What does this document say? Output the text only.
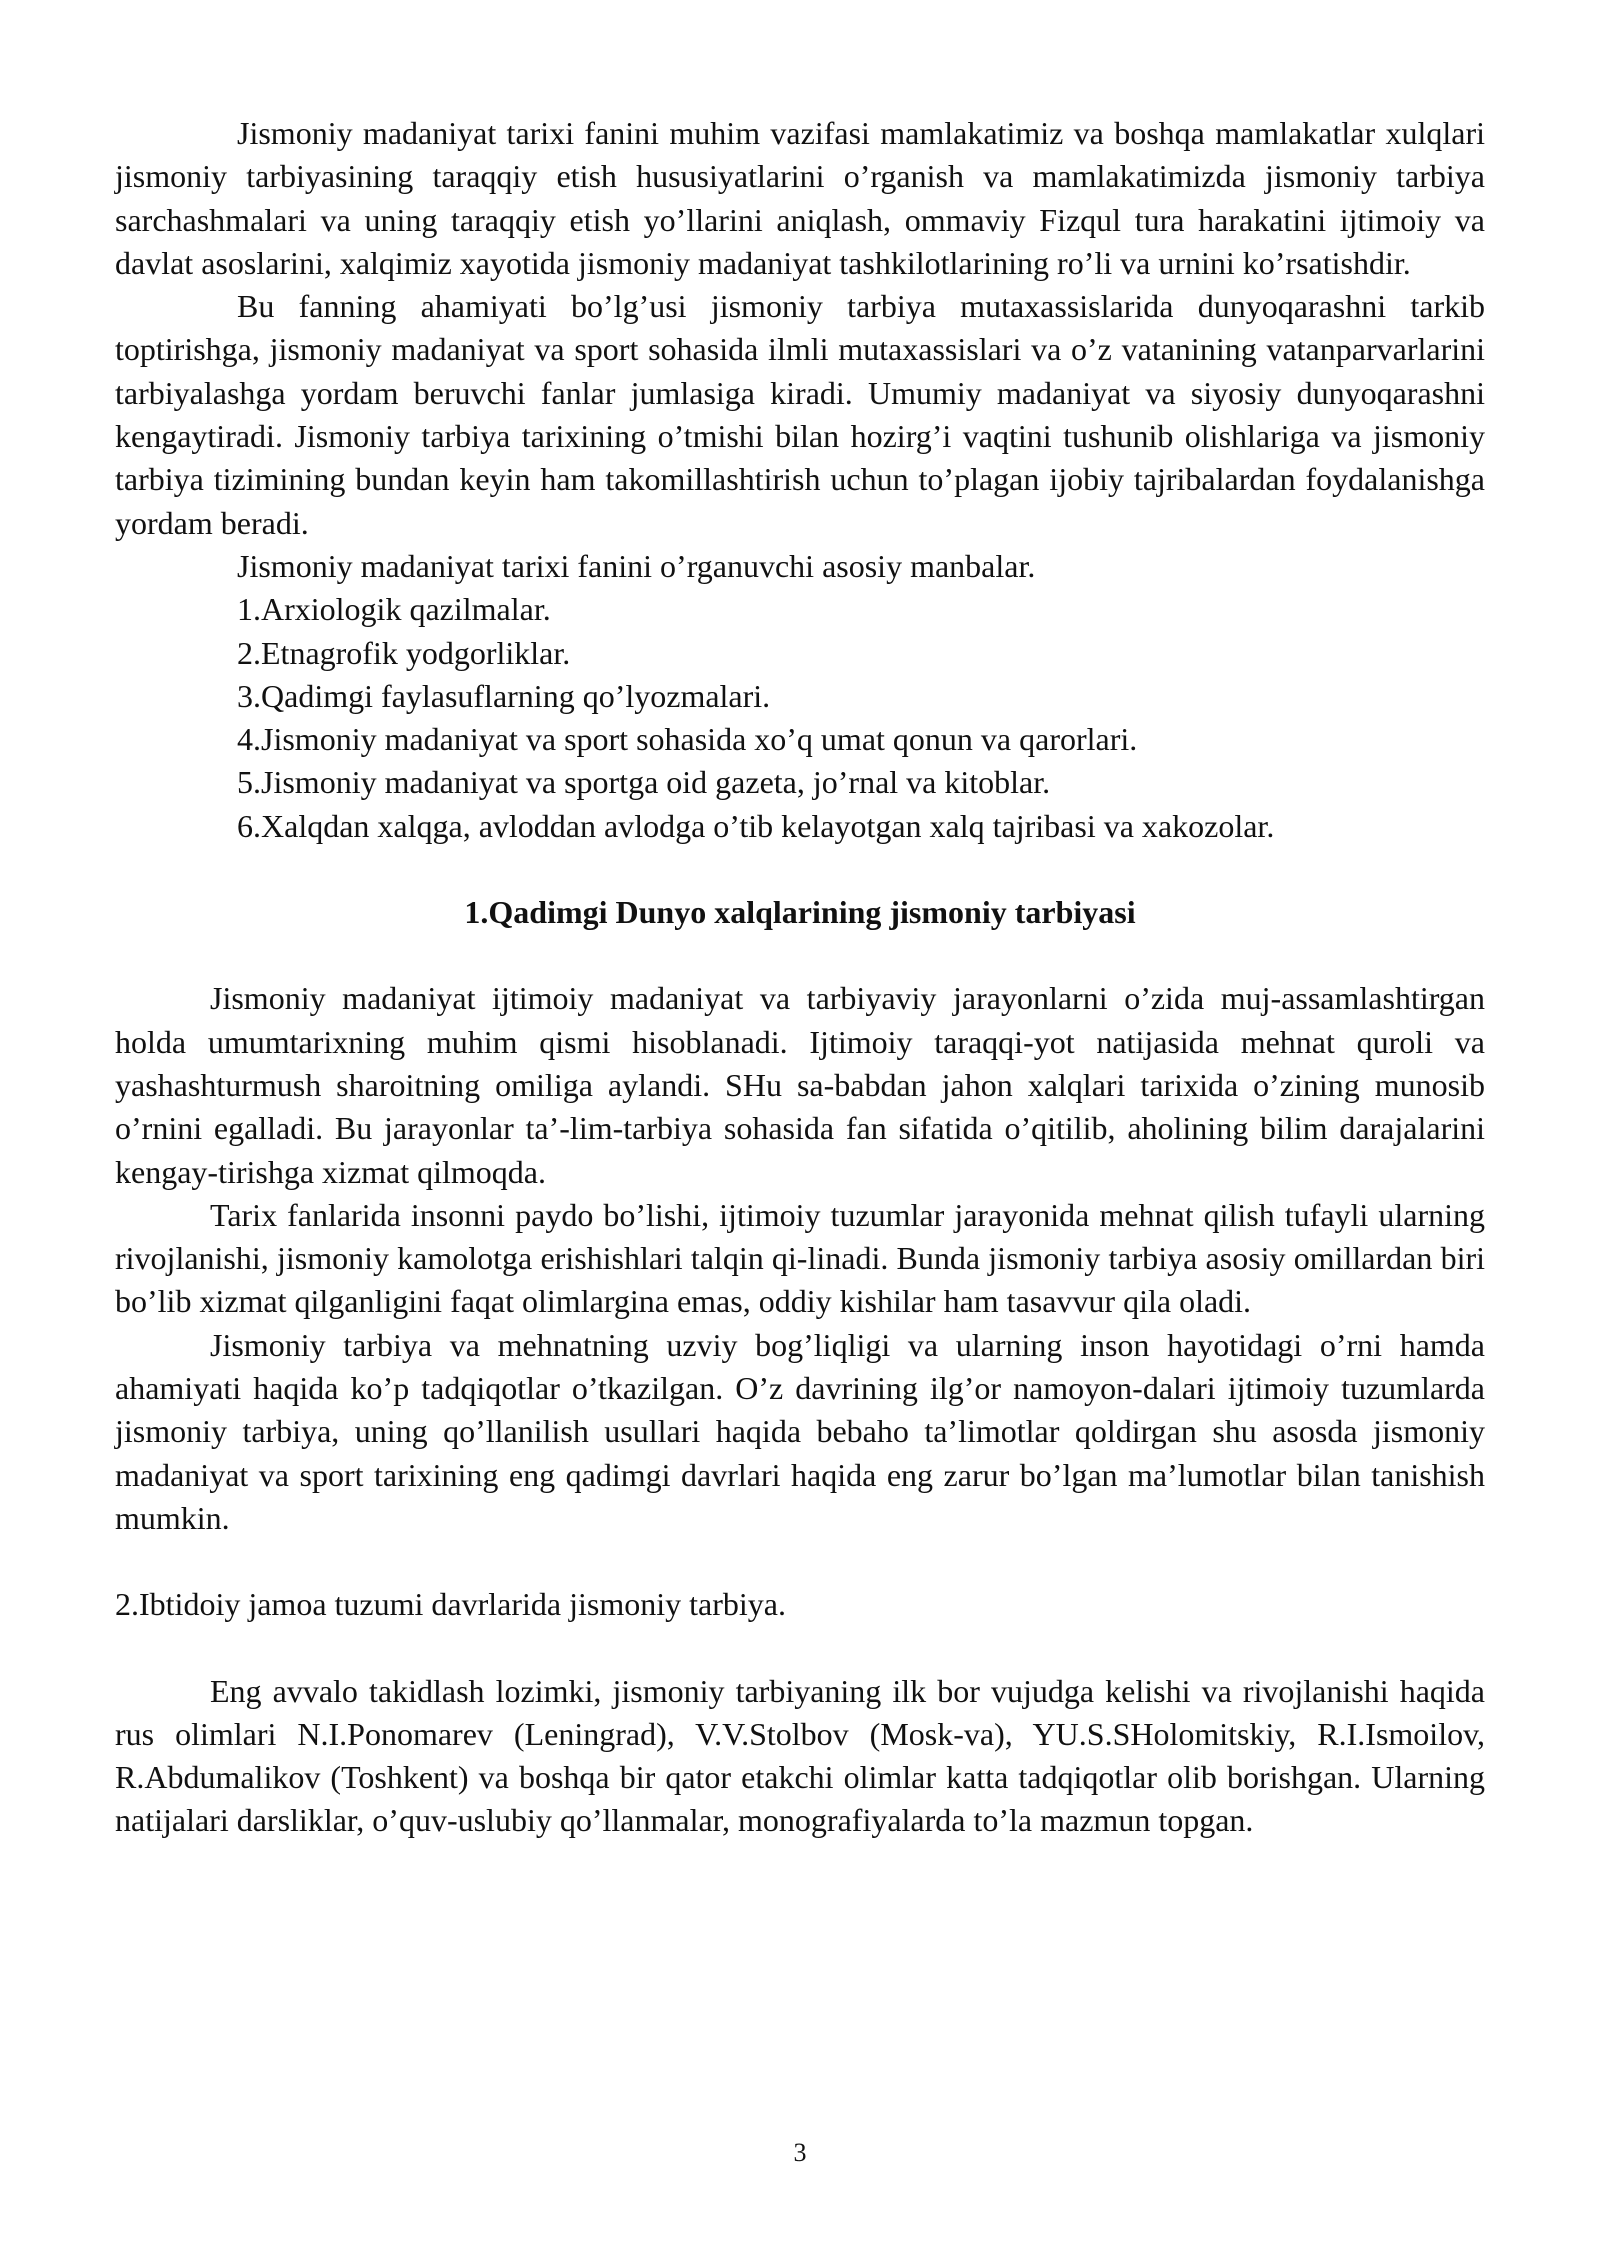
Jismoniy madaniyat tarixi fanini muhim vazifasi mamlakatimiz va boshqa mamlakatlar xulqlari jismoniy tarbiyasining taraqqiy etish hususiyatlarini o’rganish va mamlakatimizda jismoniy tarbiya sarchashmalari va uning taraqqiy etish yo’llarini aniqlash, ommaviy Fizqul tura harakatini ijtimoiy va davlat asoslarini, xalqimiz xayotida jismoniy madaniyat tashkilotlarining ro’li va urnini ko’rsatishdir.

Bu fanning ahamiyati bo’lg’usi jismoniy tarbiya mutaxassislarida dunyoqarashni tarkib toptirishga, jismoniy madaniyat va sport sohasida ilmli mutaxassislari va o’z vatanining vatanparvarlarini tarbiyalashga yordam beruvchi fanlar jumlasiga kiradi. Umumiy madaniyat va siyosiy dunyoqarashni kengaytiradi. Jismoniy tarbiya tarixining o’tmishi bilan hozirg’i vaqtini tushunib olishlariga va jismoniy tarbiya tizimining bundan keyin ham takomillashtirish uchun to’plagan ijobiy tajribalardan foydalanishga yordam beradi.

Jismoniy madaniyat tarixi fanini o’rganuvchi asosiy manbalar.

1.Arxiologik qazilmalar.

2.Etnagrofik yodgorliklar.

3.Qadimgi faylasuflarning qo’lyozmalari.

4.Jismoniy madaniyat va sport sohasida xo’q umat qonun va qarorlari.

5.Jismoniy madaniyat va sportga oid gazeta, jo’rnal va kitoblar.

6.Xalqdan xalqga, avloddan avlodga o’tib kelayotgan xalq tajribasi va xakozolar.

1.Qadimgi Dunyo xalqlarining jismoniy tarbiyasi

Jismoniy madaniyat ijtimoiy madaniyat va tarbiyaviy jarayonlarni o’zida muj-assamlashtirgan holda umumtarixning muhim qismi hisoblanadi. Ijtimoiy taraqqi-yot natijasida mehnat quroli va yashashturmush sharoitning omiliga aylandi. SHu sa-babdan jahon xalqlari tarixida o’zining munosib o’rnini egalladi. Bu jarayonlar ta’-lim-tarbiya sohasida fan sifatida o’qitilib, aholining bilim darajalarini kengay-tirishga xizmat qilmoqda.

Tarix fanlarida insonni paydo bo’lishi, ijtimoiy tuzumlar jarayonida mehnat qilish tufayli ularning rivojlanishi, jismoniy kamolotga erishishlari talqin qi-linadi. Bunda jismoniy tarbiya asosiy omillardan biri bo’lib xizmat qilganligini faqat olimlargina emas, oddiy kishilar ham tasavvur qila oladi.

Jismoniy tarbiya va mehnatning uzviy bog’liqligi va ularning inson hayotidagi o’rni hamda ahamiyati haqida ko’p tadqiqotlar o’tkazilgan. O’z davrining ilg’or namoyon-dalari ijtimoiy tuzumlarda jismoniy tarbiya, uning qo’llanilish usullari haqida bebaho ta’limotlar qoldirgan shu asosda jismoniy madaniyat va sport tarixining eng qadimgi davrlari haqida eng zarur bo’lgan ma’lumotlar bilan tanishish mumkin.

2.Ibtidoiy jamoa tuzumi davrlarida jismoniy tarbiya.

Eng avvalo takidlash lozimki, jismoniy tarbiyaning ilk bor vujudga kelishi va rivojlanishi haqida rus olimlari N.I.Ponomarev (Leningrad), V.V.Stolbov (Mosk-va), YU.S.SHolomitskiy, R.I.Ismoilov, R.Abdumalikov (Toshkent) va boshqa bir qator etakchi olimlar katta tadqiqotlar olib borishgan. Ularning natijalari darsliklar, o’quv-uslubiy qo’llanmalar, monografiyalarda to’la mazmun topgan.

3
